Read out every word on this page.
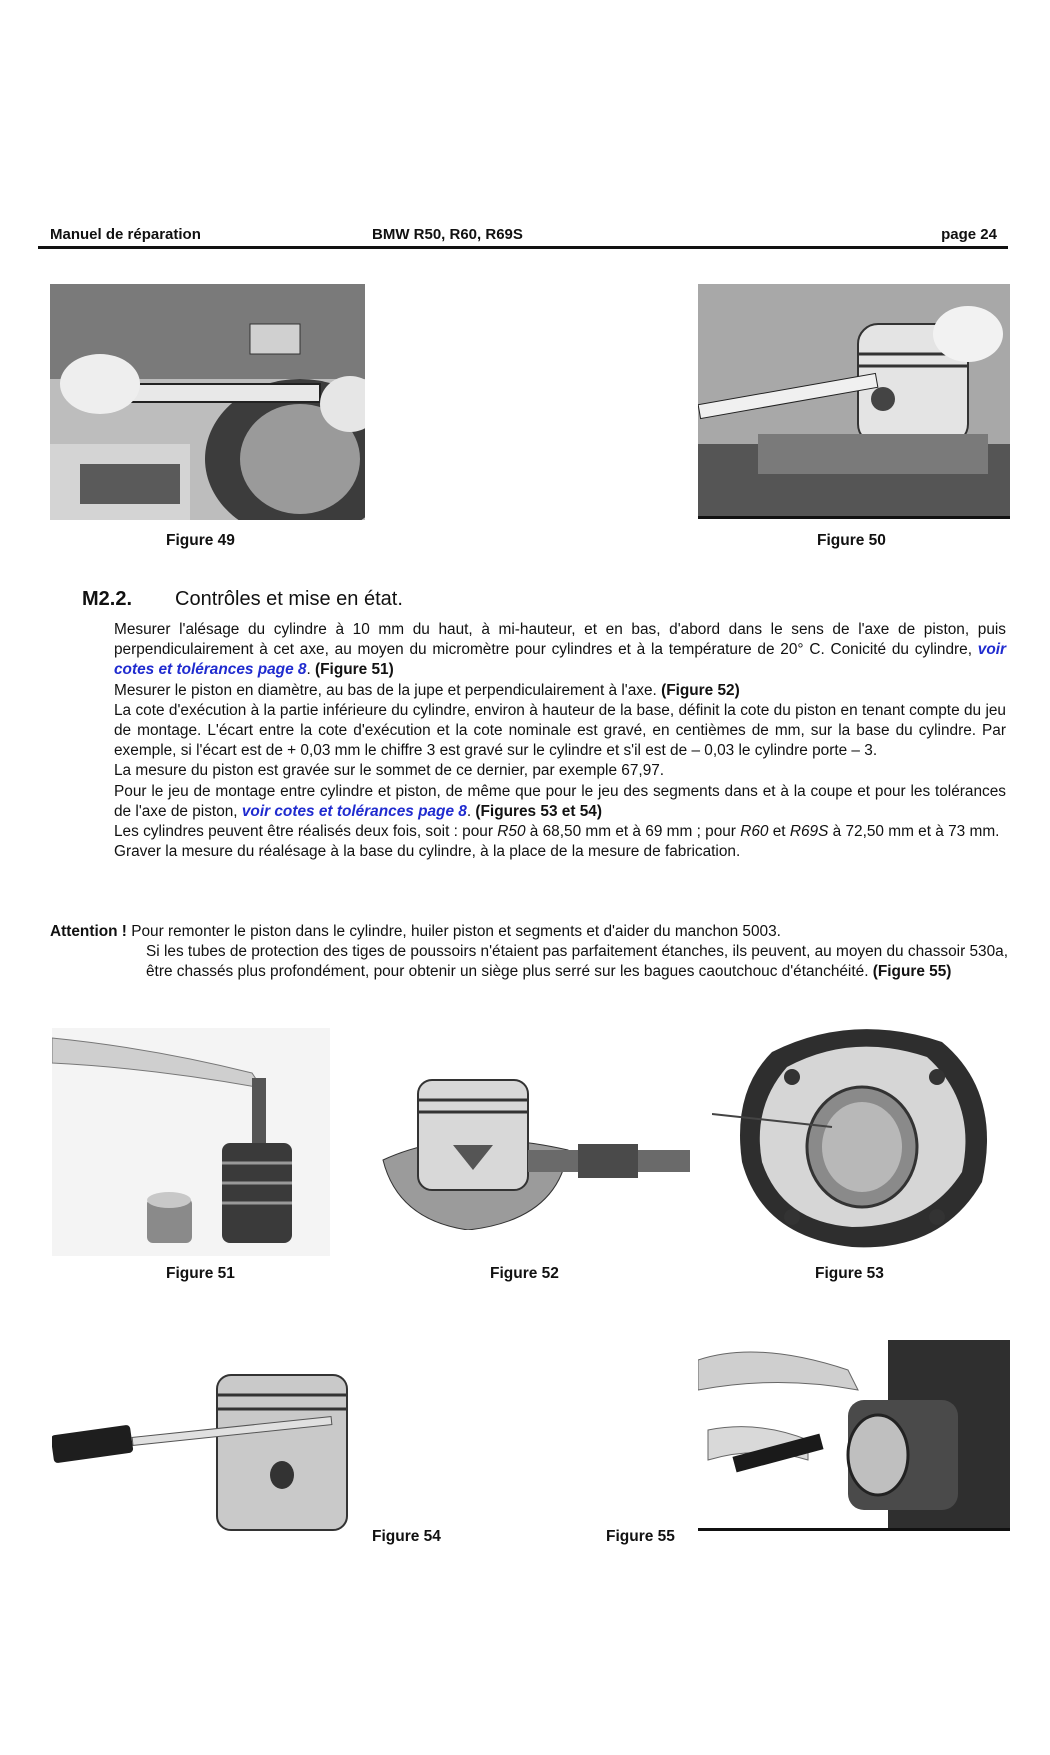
Manuel de réparation	BMW R50, R60, R69S	page 24
Figure 49	Figure 50
M2.2. Contrôles et mise en état.

Mesurer l'alésage du cylindre à 10 mm du haut, à mi-hauteur, et en bas, d'abord dans le sens de l'axe de piston, puis perpendiculairement à cet axe, au moyen du micromètre pour cylindres et à la température de 20° C. Conicité du cylindre, voir cotes et tolérances page 8. (Figure 51)

Mesurer le piston en diamètre, au bas de la jupe et perpendiculairement à l'axe. (Figure 52)

La cote d'exécution à la partie inférieure du cylindre, environ à hauteur de la base, définit la cote du piston en tenant compte du jeu de montage. L'écart entre la cote d'exécution et la cote nominale est gravé, en centièmes de mm, sur la base du cylindre. Par exemple, si l'écart est de + 0,03 mm le chiffre 3 est gravé sur le cylindre et s'il est de – 0,03 le cylindre porte – 3.

La mesure du piston est gravée sur le sommet de ce dernier, par exemple 67,97.

Pour le jeu de montage entre cylindre et piston, de même que pour le jeu des segments dans et à la coupe et pour les tolérances de l'axe de piston, voir cotes et tolérances page 8. (Figures 53 et 54)

Les cylindres peuvent être réalisés deux fois, soit : pour R50 à 68,50 mm et à 69 mm ; pour R60 et R69S à 72,50 mm et à 73 mm.

Graver la mesure du réalésage à la base du cylindre, à la place de la mesure de fabrication.

Attention ! Pour remonter le piston dans le cylindre, huiler piston et segments et d'aider du manchon 5003.
Si les tubes de protection des tiges de poussoirs n'étaient pas parfaitement étanches, ils peuvent, au moyen du chassoir 530a, être chassés plus profondément, pour obtenir un siège plus serré sur les bagues caoutchouc d'étanchéité. (Figure 55)
Figure 51	Figure 52	Figure 53
Figure 54	Figure 55
